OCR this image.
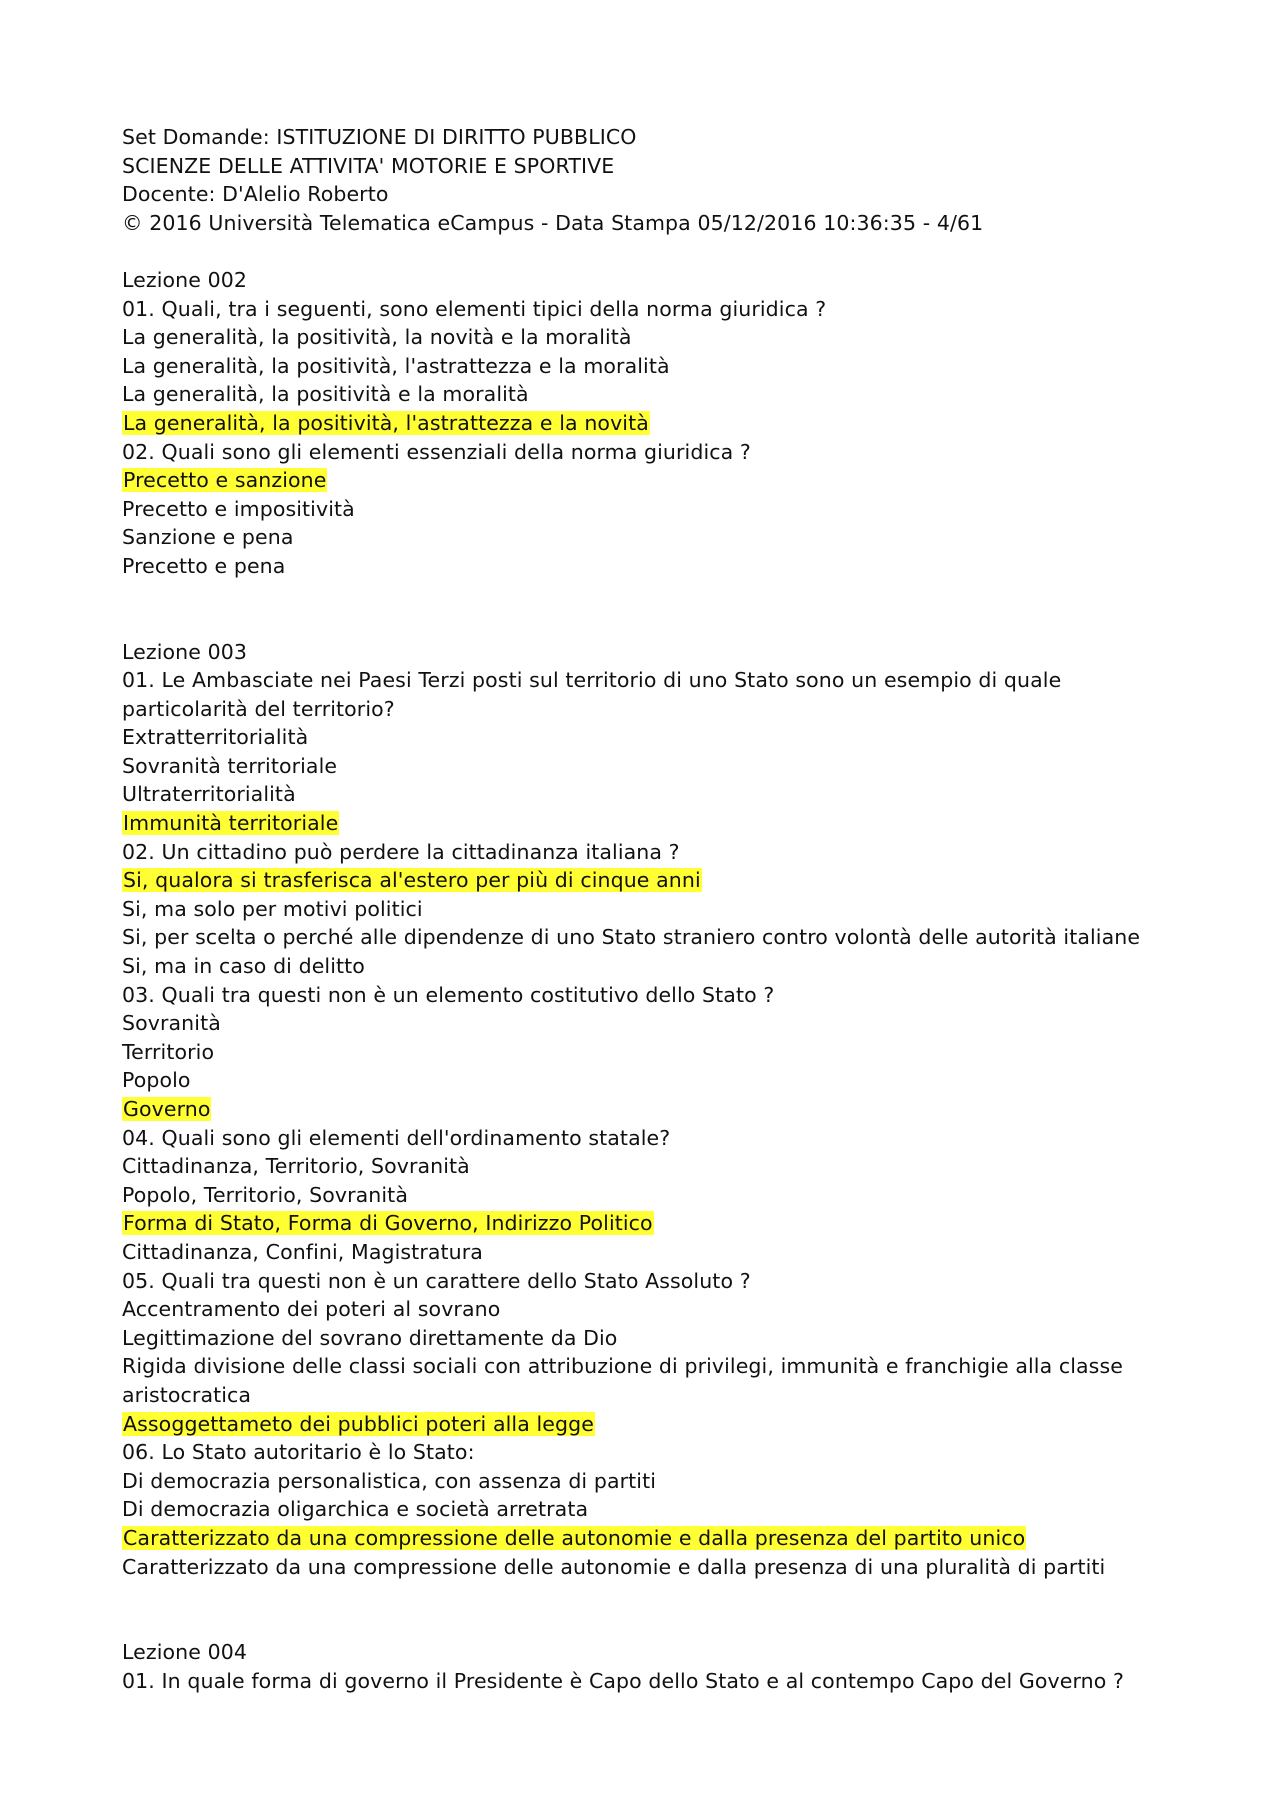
Set Domande: ISTITUZIONE DI DIRITTO PUBBLICO
SCIENZE DELLE ATTIVITA' MOTORIE E SPORTIVE
Docente: D'Alelio Roberto
© 2016 Università Telematica eCampus - Data Stampa 05/12/2016 10:36:35 - 4/61
Lezione 002
01. Quali, tra i seguenti, sono elementi tipici della norma giuridica ?
La generalità, la positività, la novità e la moralità
La generalità, la positività, l'astrattezza e la moralità
La generalità, la positività e la moralità
La generalità, la positività, l'astrattezza e la novità
02. Quali sono gli elementi essenziali della norma giuridica ?
Precetto e sanzione
Precetto e impositività
Sanzione e pena
Precetto e pena
Lezione 003
01. Le Ambasciate nei Paesi Terzi posti sul territorio di uno Stato sono un esempio di quale
particolarità del territorio?
Extratterritorialità
Sovranità territoriale
Ultraterritorialità
Immunità territoriale
02. Un cittadino può perdere la cittadinanza italiana ?
Si, qualora si trasferisca al'estero per più di cinque anni
Si, ma solo per motivi politici
Si, per scelta o perché alle dipendenze di uno Stato straniero contro volontà delle autorità italiane
Si, ma in caso di delitto
03. Quali tra questi non è un elemento costitutivo dello Stato ?
Sovranità
Territorio
Popolo
Governo
04. Quali sono gli elementi dell'ordinamento statale?
Cittadinanza, Territorio, Sovranità
Popolo, Territorio, Sovranità
Forma di Stato, Forma di Governo, Indirizzo Politico
Cittadinanza, Confini, Magistratura
05. Quali tra questi non è un carattere dello Stato Assoluto ?
Accentramento dei poteri al sovrano
Legittimazione del sovrano direttamente da Dio
Rigida divisione delle classi sociali con attribuzione di privilegi, immunità e franchigie alla classe
aristocratica
Assoggettameto dei pubblici poteri alla legge
06. Lo Stato autoritario è lo Stato:
Di democrazia personalistica, con assenza di partiti
Di democrazia oligarchica e società arretrata
Caratterizzato da una compressione delle autonomie e dalla presenza del partito unico
Caratterizzato da una compressione delle autonomie e dalla presenza di una pluralità di partiti
Lezione 004
01. In quale forma di governo il Presidente è Capo dello Stato e al contempo Capo del Governo ?
